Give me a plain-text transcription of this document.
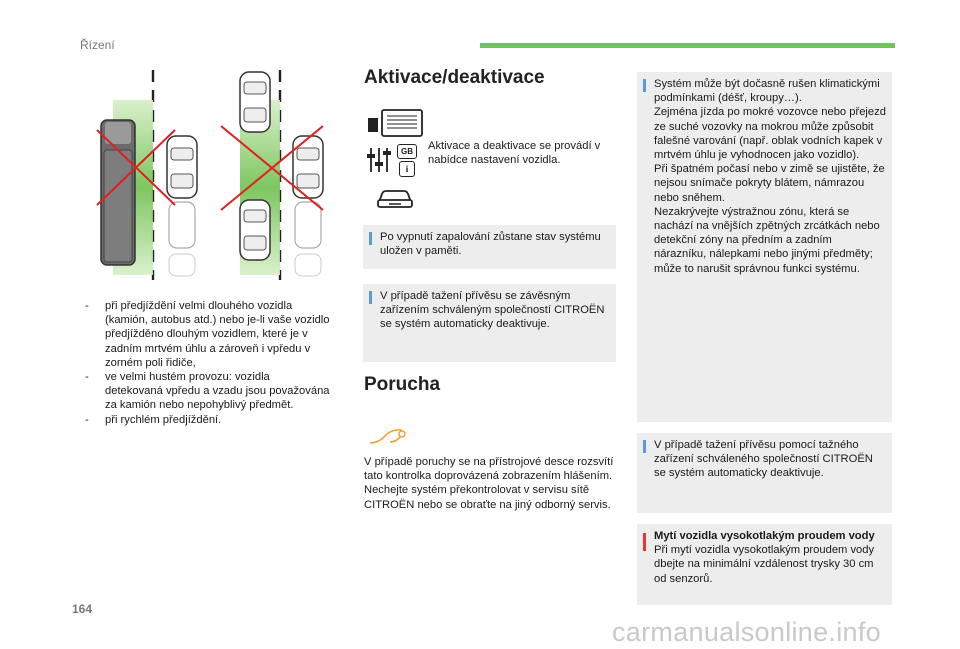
Řízení
- při předjíždění velmi dlouhého vozidla (kamión, autobus atd.) nebo je-li vaše vozidlo předjížděno dlouhým vozidlem, které je v zadním mrtvém úhlu a zároveň i vpředu v zorném poli řidiče,
- ve velmi hustém provozu: vozidla detekovaná vpředu a vzadu jsou považována za kamión nebo nepohyblivý předmět.
- při rychlém předjíždění.
Aktivace/deaktivace
GB
i
Aktivace a deaktivace se provádí v nabídce nastavení vozidla.
Po vypnutí zapalování zůstane stav systému uložen v paměti.
V případě tažení přívěsu se závěsným zařízením schváleným společností CITROËN se systém automaticky deaktivuje.
Porucha
V případě poruchy se na přístrojové desce rozsvítí tato kontrolka doprovázená zobrazením hlášením.
Nechejte systém překontrolovat v servisu sítě CITROËN nebo se obraťte na jiný odborný servis.
Systém může být dočasně rušen klimatickými podmínkami (déšť, kroupy…).
Zejména jízda po mokré vozovce nebo přejezd ze suché vozovky na mokrou může způsobit falešné varování (např. oblak vodních kapek v mrtvém úhlu je vyhodnocen jako vozidlo).
Při špatném počasí nebo v zimě se ujistěte, že nejsou snímače pokryty blátem, námrazou nebo sněhem.
Nezakrývejte výstražnou zónu, která se nachází na vnějších zpětných zrcátkách nebo detekční zóny na předním a zadním nárazníku, nálepkami nebo jinými předměty; může to narušit správnou funkci systému.
V případě tažení přívěsu pomocí tažného zařízení schváleného společností CITROËN se systém automaticky deaktivuje.
Mytí vozidla vysokotlakým proudem vody
Při mytí vozidla vysokotlakým proudem vody dbejte na minimální vzdálenost trysky 30 cm od senzorů.
164
carmanualsonline.info
